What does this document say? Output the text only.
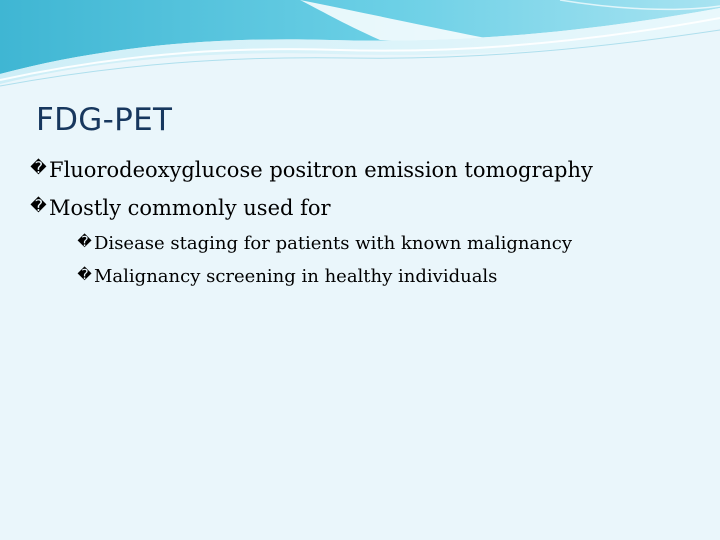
FDG-PET
� Fluorodeoxyglucose positron emission tomography
� Mostly commonly used for
� Disease staging for patients with known malignancy
� Malignancy screening in healthy individuals
